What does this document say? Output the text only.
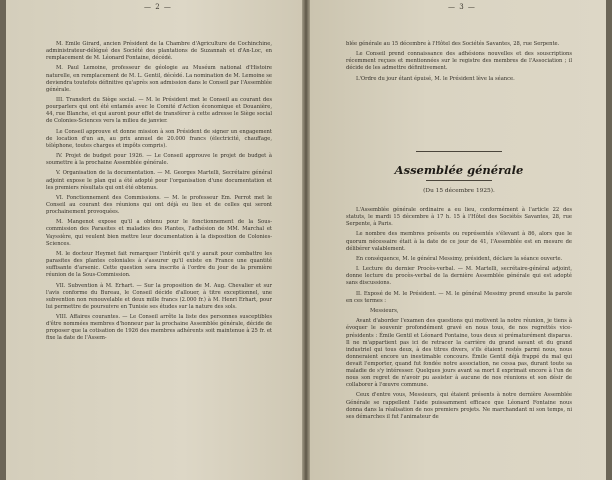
— 2 —

M. Emile Girard, ancien Président de la Chambre d'Agriculture de Cochinchine, administrateur-délégué des Société des plantations de Suzannah et d'An-Loc, en remplacement de M. Léonard Fontaine, décédé.

M. Paul Lemoine, professeur de géologie au Muséum national d'Histoire naturelle, en remplacement de M. L. Gentil, décédé. La nomination de M. Lemoine se deviendra toutefois définitive qu'après son admission dans le Conseil par l'Assemblée générale.

III. Transfert du Siège social. — M. le Président met le Conseil au courant des pourparlers qui ont été entamés avec le Comité d'Action économique et Douanière, 44, rue Blanche, et qui auront pour effet de transférer à cette adresse le Siège social de Colonies-Sciences vers la milieu de janvier.

Le Conseil approuve et donne mission à son Président de signer un engagement de location d'un an, au prix annuel de 20.000 francs (électricité, chauffage, téléphone, toutes charges et impôts compris).

IV. Projet de budget pour 1926. — Le Conseil approuve le projet de budget à soumettre à la prochaine Assemblée générale.

V. Organisation de la documentation. — M. Georges Martelli, Secrétaire général adjoint expose le plan qui a été adopté pour l'organisation d'une documentation et les premiers résultats qui ont été obtenus.

VI. Fonctionnement des Commissions. — M. le professeur Em. Perrot met le Conseil au courant des réunions qui ont déjà eu lieu et de celles qui seront prochainement provoquées.

M. Mangenot expose qu'il a obtenu pour le fonctionnement de la Sous-commission des Parasites et maladies des Plantes, l'adhésion de MM. Marchal et Vayssière, qui veulent bien mettre leur documentation à la disposition de Colonies-Sciences.

M. le docteur Heymet fait remarquer l'intérêt qu'il y aurait pour combattre les parasites des plantes coloniales à s'assurer qu'il existe en France une quantité suffisante d'arsenic. Cette question sera inscrite à l'ordre du jour de la première réunion de la Sous-Commission.

VII. Subvention à M. Erhart. — Sur la proposition de M. Aug. Chevalier et sur l'avis conforme du Bureau, le Conseil décide d'allouer, à titre exceptionnel, une subvention non renouvelable et deux mille francs (2.000 fr.) à M. Henri Erhart, pour lui permettre de poursuivre en Tunisie ses études sur la nature des sols.

VIII. Affaires courantes. — Le Conseil arrête la liste des personnes susceptibles d'être nommées membres d'honneur par la prochaine Assemblée générale, décide de proposer que la cotisation de 1926 des membres adhérents soit maintenue à 25 fr. et fixe la date de l'Assem-

— 3 —

blée générale au 15 décembre à l'Hôtel des Sociétés Savantes, 28, rue Serpente.

Le Conseil prend connaissance des adhésions nouvelles et des souscriptions récemment reçues et mentionnées sur le registre des membres de l'Association ; il décide de les admettre définitivement.

L'Ordre du jour étant épuisé, M. le Président lève la séance.

Assemblée générale
(Du 15 décembre 1925).

L'Assemblée générale ordinaire a eu lieu, conformément à l'article 22 des statuts, le mardi 15 décembre à 17 h. 15 à l'Hôtel des Sociétés Savantes, 28, rue Serpente, à Paris.

Le nombre des membres présents ou représentés s'élevant à 86, alors que le quorum nécessaire était à la date de ce jour de 41, l'Assemblée est en mesure de délibérer valablement.

En conséquence, M. le général Messimy, président, déclare la séance ouverte.

I. Lecture du dernier Procès-verbal. — M. Martelli, secrétaire-général adjoint, donne lecture du procès-verbal de la dernière Assemblée générale qui est adopté sans discussions.

II. Exposé de M. le Président. — M. le général Messimy prend ensuite la parole en ces termes :

Messieurs,

Avant d'aborder l'examen des questions qui motivent la notre réunion, je tiens à évoquer le souvenir profondément gravé en nous tous, de nos regrettés vice-présidents : Émile Gentil et Léonard Fontaine, tous deux si prématurément disparus. Il ne m'appartient pas ici de retracer la carrière du grand savant et du grand industriel qui tous deux, à des titres divers, s'ils étaient restés parmi nous, nous donneraient encore un inestimable concours. Émile Gentil déjà frappé du mal qui devait l'emporter, quand fut fondée notre association, ne cessa pas, durant toute sa maladie de s'y intéresser. Quelques jours avant sa mort il exprimait encore à l'un de nous son regret de n'avoir pu assister à aucune de nos réunions et son désir de collaborer à l'œuvre commune.

Ceux d'entre vous, Messieurs, qui étaient présents à notre dernière Assemblée Générale se rappellent l'aide puissamment efficace que Léonard Fontaine nous donna dans la réalisation de nos premiers projets. Ne marchandant ni son temps, ni ses démarches il fut l'animateur de
